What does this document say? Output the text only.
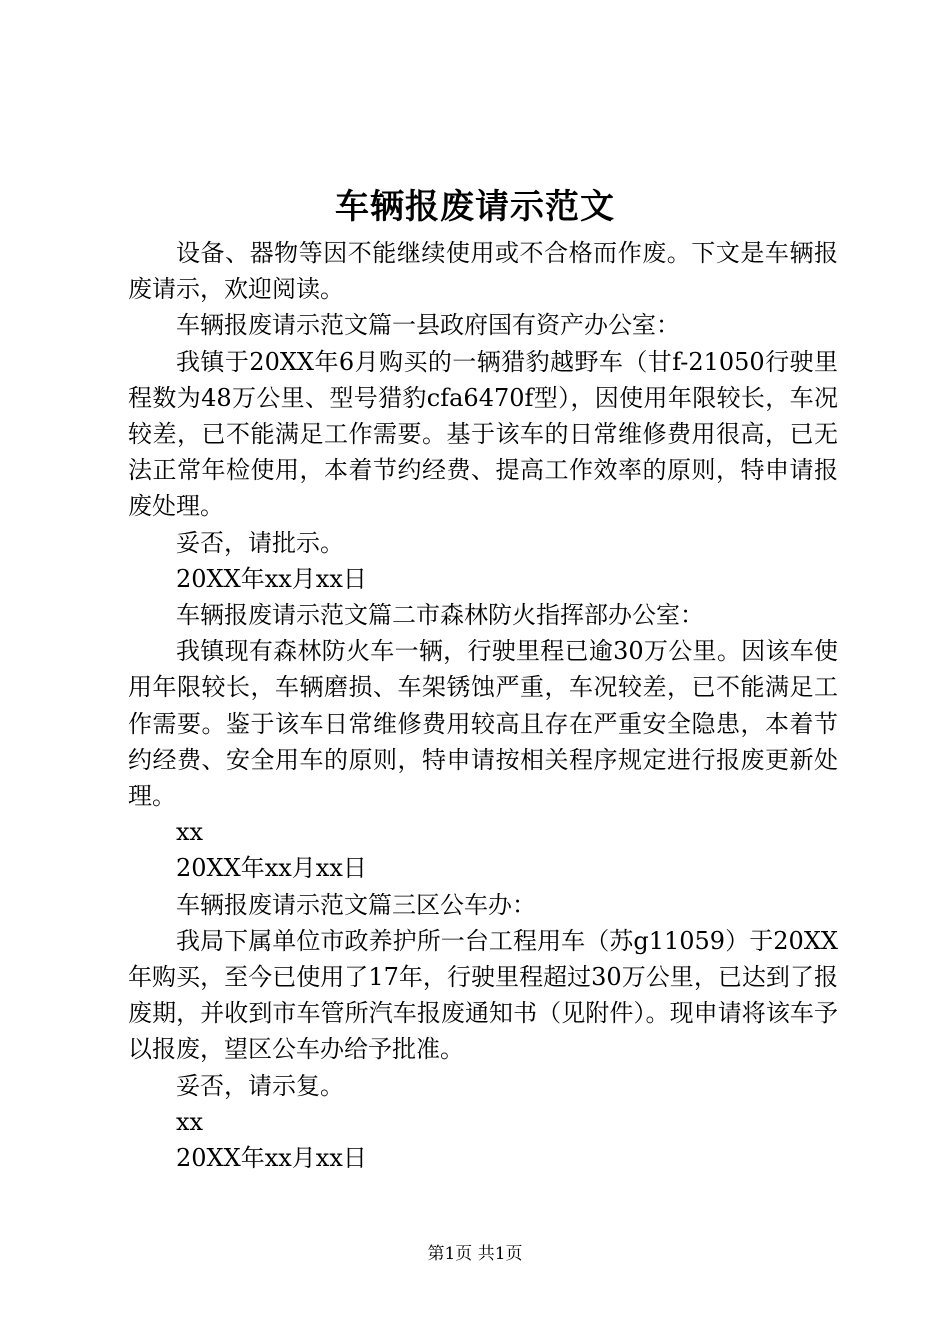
车辆报废请示范文

设备、器物等因不能继续使用或不合格而作废。下文是车辆报废请示，欢迎阅读。

车辆报废请示范文篇一县政府国有资产办公室：

我镇于20XX年6月购买的一辆猎豹越野车（甘f-21050行驶里程数为48万公里、型号猎豹cfa6470f型），因使用年限较长，车况较差，已不能满足工作需要。基于该车的日常维修费用很高，已无法正常年检使用，本着节约经费、提高工作效率的原则，特申请报废处理。

妥否，请批示。

20XX年xx月xx日

车辆报废请示范文篇二市森林防火指挥部办公室：

我镇现有森林防火车一辆，行驶里程已逾30万公里。因该车使用年限较长，车辆磨损、车架锈蚀严重，车况较差，已不能满足工作需要。鉴于该车日常维修费用较高且存在严重安全隐患，本着节约经费、安全用车的原则，特申请按相关程序规定进行报废更新处理。

xx

20XX年xx月xx日

车辆报废请示范文篇三区公车办：

我局下属单位市政养护所一台工程用车（苏g11059）于20XX年购买，至今已使用了17年，行驶里程超过30万公里，已达到了报废期，并收到市车管所汽车报废通知书（见附件）。现申请将该车予以报废，望区公车办给予批准。

妥否，请示复。

xx

20XX年xx月xx日

第1页 共1页
